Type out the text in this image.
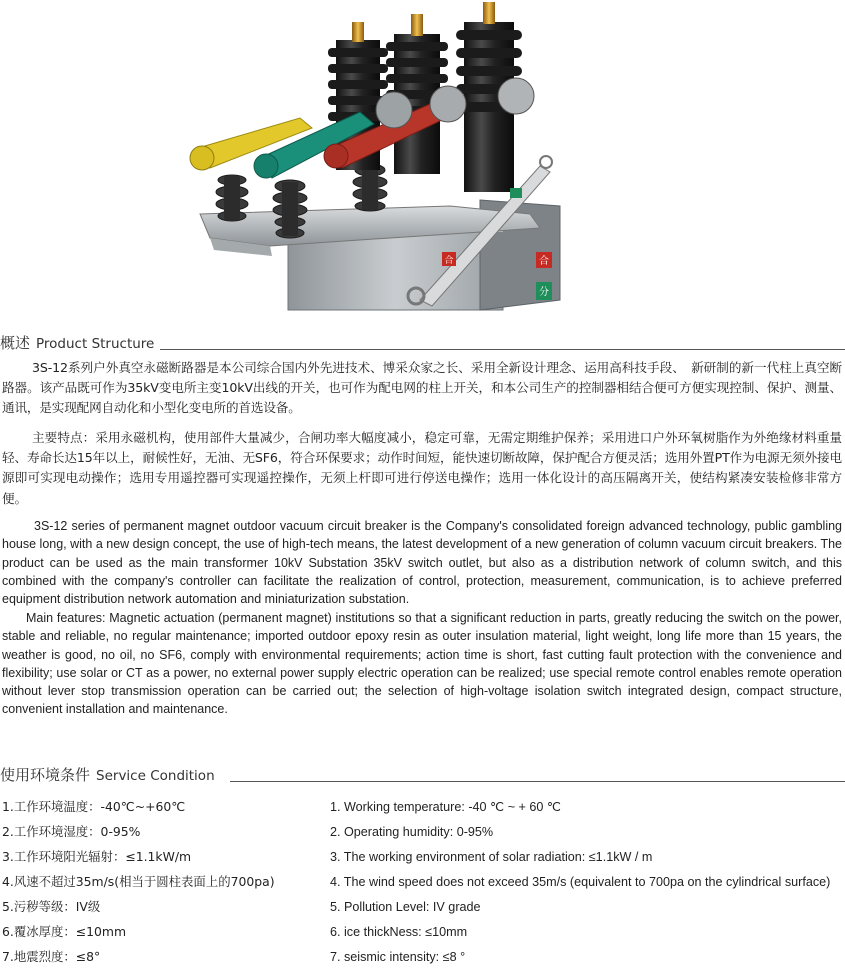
合	合
分
概述 Product Structure

3S-12系列户外真空永磁断路器是本公司综合国内外先进技术、博采众家之长、采用全新设计理念、运用高科技手段、　新研制的新一代柱上真空断路器。该产品既可作为35kV变电所主变10kV出线的开关，也可作为配电网的柱上开关，和本公司生产的控制器相结合便可方便实现控制、保护、测量、通讯，是实现配网自动化和小型化变电所的首选设备。

主要特点：采用永磁机构，使用部件大量减少，合闸功率大幅度减小，稳定可靠，无需定期维护保养；采用进口户外环氧树脂作为外绝缘材料重量轻、寿命长达15年以上，耐候性好，无油、无SF6，符合环保要求；动作时间短，能快速切断故障，保护配合方便灵活；选用外置PT作为电源无须外接电源即可实现电动操作；选用专用遥控器可实现遥控操作，无须上杆即可进行停送电操作；选用一体化设计的高压隔离开关，使结构紧凑安装检修非常方便。

3S-12 series of permanent magnet outdoor vacuum circuit breaker is the Company's consolidated foreign advanced technology, public gambling house long, with a new design concept, the use of high-tech means, the latest development of a new generation of column vacuum circuit breakers. The product can be used as the main transformer 10kV Substation 35kV switch outlet, but also as a distribution network of column switch, and this combined with the company's controller can facilitate the realization of control, protection, measurement, communication, is to achieve preferred equipment distribution network automation and miniaturization substation.

Main features: Magnetic actuation (permanent magnet) institutions so that a significant reduction in parts, greatly reducing the switch on the power, stable and reliable, no regular maintenance; imported outdoor epoxy resin as outer insulation material, light weight, long life more than 15 years, the weather is good, no oil, no SF6, comply with environmental requirements; action time is short, fast cutting fault protection with the convenience and flexibility; use solar or CT as a power, no external power supply electric operation can be realized; use special remote control enables remote operation without lever stop transmission operation can be carried out; the selection of high-voltage isolation switch integrated design, compact structure, convenient installation and maintenance.

使用环境条件 Service Condition
1.工作环境温度：-40℃~+60℃
2.工作环境湿度：0-95%
3.工作环境阳光辐射：≤1.1kW/m
4.风速不超过35m/s(相当于圆柱表面上的700pa)
5.污秽等级：IV级
6.覆冰厚度：≤10mm
7.地震烈度：≤8°
1. Working temperature: -40 ℃ ~ + 60 ℃
2. Operating humidity: 0-95%
3. The working environment of solar radiation: ≤1.1kW / m
4. The wind speed does not exceed 35m/s (equivalent to 700pa on the cylindrical surface)
5. Pollution Level: IV grade
6. ice thickNess: ≤10mm
7. seismic intensity: ≤8 °
